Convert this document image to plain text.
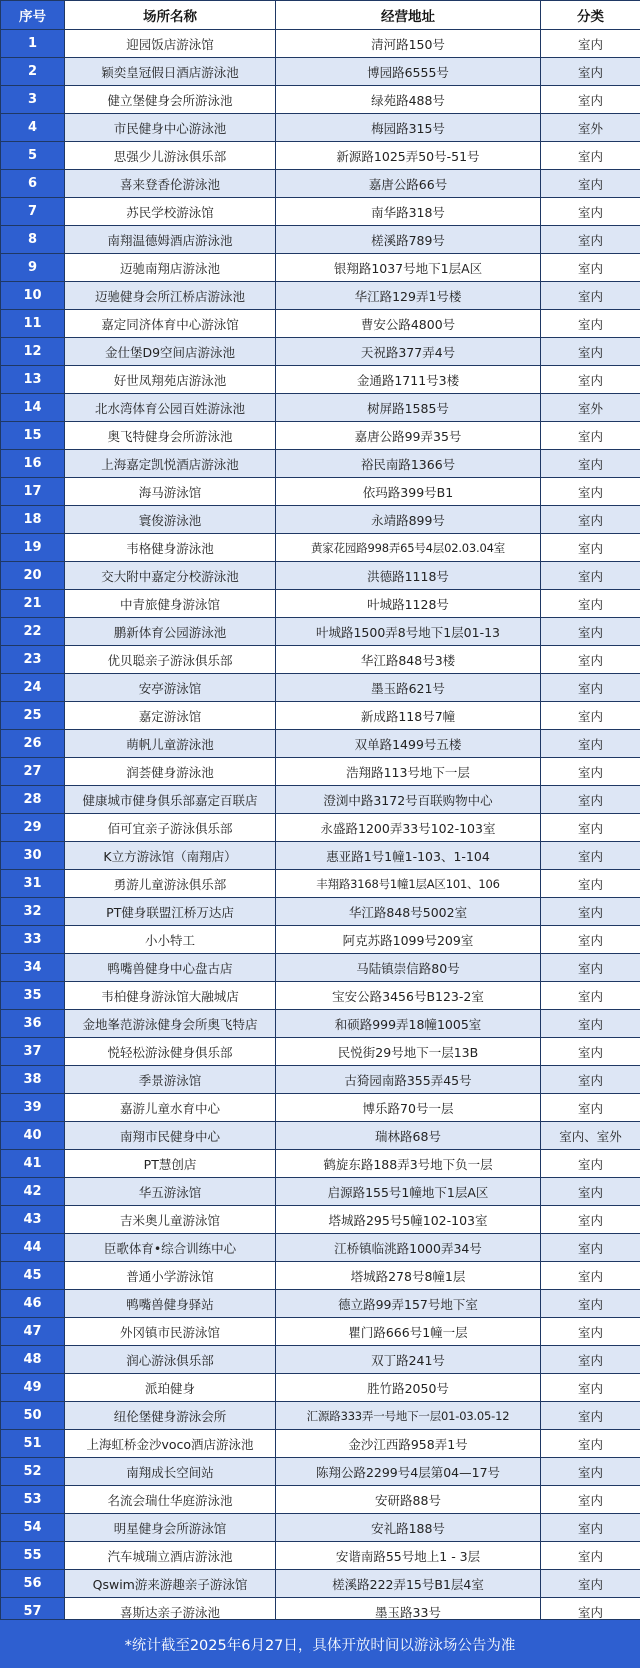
序号	场所名称	经营地址	分类
1	迎园饭店游泳馆	清河路150号	室内
2	颖奕皇冠假日酒店游泳池	博园路6555号	室内
3	健立堡健身会所游泳池	绿苑路488号	室内
4	市民健身中心游泳池	梅园路315号	室外
5	思强少儿游泳俱乐部	新源路1025弄50号-51号	室内
6	喜来登香伦游泳池	嘉唐公路66号	室内
7	苏民学校游泳馆	南华路318号	室内
8	南翔温德姆酒店游泳池	槎溪路789号	室内
9	迈驰南翔店游泳池	银翔路1037号地下1层A区	室内
10	迈驰健身会所江桥店游泳池	华江路129弄1号楼	室内
11	嘉定同济体育中心游泳馆	曹安公路4800号	室内
12	金仕堡D9空间店游泳池	天祝路377弄4号	室内
13	好世凤翔苑店游泳池	金通路1711号3楼	室内
14	北水湾体育公园百姓游泳池	树屏路1585号	室外
15	奥飞特健身会所游泳池	嘉唐公路99弄35号	室内
16	上海嘉定凯悦酒店游泳池	裕民南路1366号	室内
17	海马游泳馆	依玛路399号B1	室内
18	寰俊游泳池	永靖路899号	室内
19	韦格健身游泳池	黄家花园路998弄65号4层02.03.04室	室内
20	交大附中嘉定分校游泳池	洪德路1118号	室内
21	中青旅健身游泳馆	叶城路1128号	室内
22	鹏新体育公园游泳池	叶城路1500弄8号地下1层01-13	室内
23	优贝聪亲子游泳俱乐部	华江路848号3楼	室内
24	安亭游泳馆	墨玉路621号	室内
25	嘉定游泳馆	新成路118号7幢	室内
26	萌帆儿童游泳池	双单路1499号五楼	室内
27	润荟健身游泳池	浩翔路113号地下一层	室内
28	健康城市健身俱乐部嘉定百联店	澄浏中路3172号百联购物中心	室内
29	佰可宜亲子游泳俱乐部	永盛路1200弄33号102-103室	室内
30	K立方游泳馆（南翔店）	惠亚路1号1幢1-103、1-104	室内
31	勇游儿童游泳俱乐部	丰翔路3168号1幢1层A区101、106	室内
32	PT健身联盟江桥万达店	华江路848号5002室	室内
33	小小特工	阿克苏路1099号209室	室内
34	鸭嘴兽健身中心盘古店	马陆镇崇信路80号	室内
35	韦柏健身游泳馆大融城店	宝安公路3456号B123-2室	室内
36	金地峯范游泳健身会所奥飞特店	和硕路999弄18幢1005室	室内
37	悦轻松游泳健身俱乐部	民悦街29号地下一层13B	室内
38	季景游泳馆	古猗园南路355弄45号	室内
39	嘉游儿童水育中心	博乐路70号一层	室内
40	南翔市民健身中心	瑞林路68号	室内、室外
41	PT慧创店	鹤旋东路188弄3号地下负一层	室内
42	华五游泳馆	启源路155号1幢地下1层A区	室内
43	吉米奥儿童游泳馆	塔城路295号5幢102-103室	室内
44	臣歌体育•综合训练中心	江桥镇临洮路1000弄34号	室内
45	普通小学游泳馆	塔城路278号8幢1层	室内
46	鸭嘴兽健身驿站	德立路99弄157号地下室	室内
47	外冈镇市民游泳馆	瞿门路666号1幢一层	室内
48	润心游泳俱乐部	双丁路241号	室内
49	派珀健身	胜竹路2050号	室内
50	纽伦堡健身游泳会所	汇源路333弄一号地下一层01-03.05-12	室内
51	上海虹桥金沙voco酒店游泳池	金沙江西路958弄1号	室内
52	南翔成长空间站	陈翔公路2299号4层第04—17号	室内
53	名流会瑞仕华庭游泳池	安研路88号	室内
54	明星健身会所游泳馆	安礼路188号	室内
55	汽车城瑞立酒店游泳池	安谐南路55号地上1 - 3层	室内
56	Qswim游来游趣亲子游泳馆	槎溪路222弄15号B1层4室	室内
57	喜斯达亲子游泳池	墨玉路33号	室内
*统计截至2025年6月27日，具体开放时间以游泳场公告为准
